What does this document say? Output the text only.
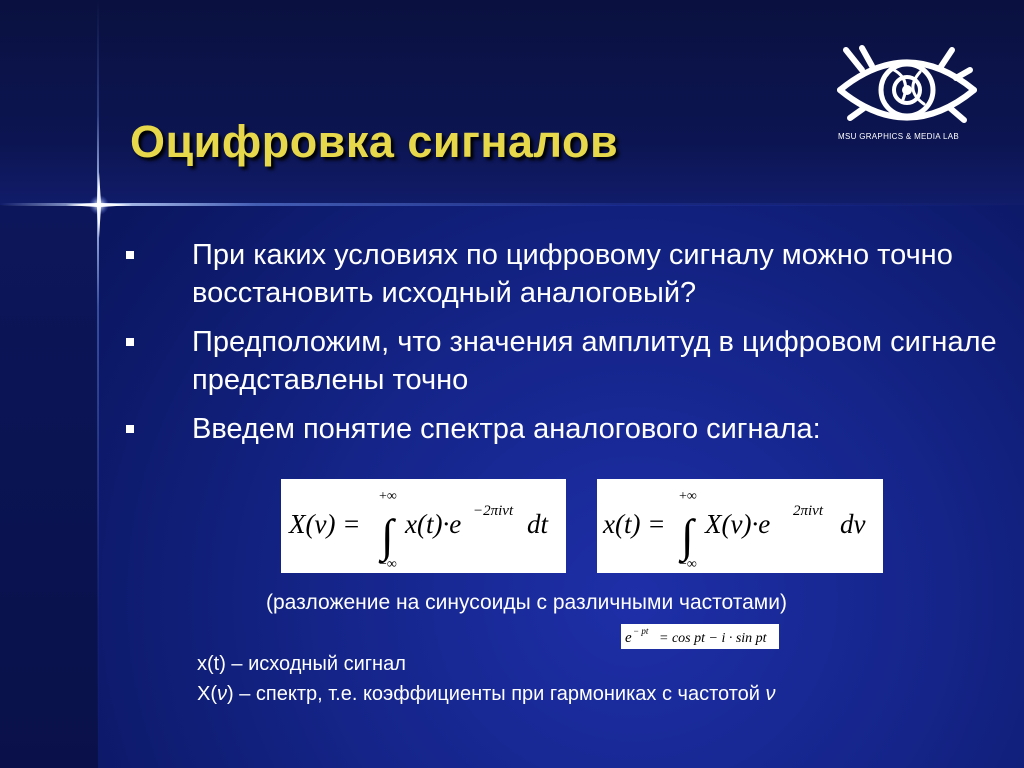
Оцифровка сигналов	MSU GRAPHICS & MEDIA LAB
При каких условиях по цифровому сигналу можно точно восстановить исходный аналоговый?
Предположим, что значения амплитуд в цифровом сигнале представлены точно
Введем понятие спектра аналогового сигнала:
X(ν) =
+∞
∫
−∞
x(t)·e −2πiνt dt x(t) =
+∞
∫
−∞
X(ν)·e 2πiνt dν
(разложение на синусоиды с различными частотами)
e − pt = cos pt − i · sin pt
x(t) – исходный сигнал
X(ν) – спектр, т.е. коэффициенты при гармониках с частотой ν
